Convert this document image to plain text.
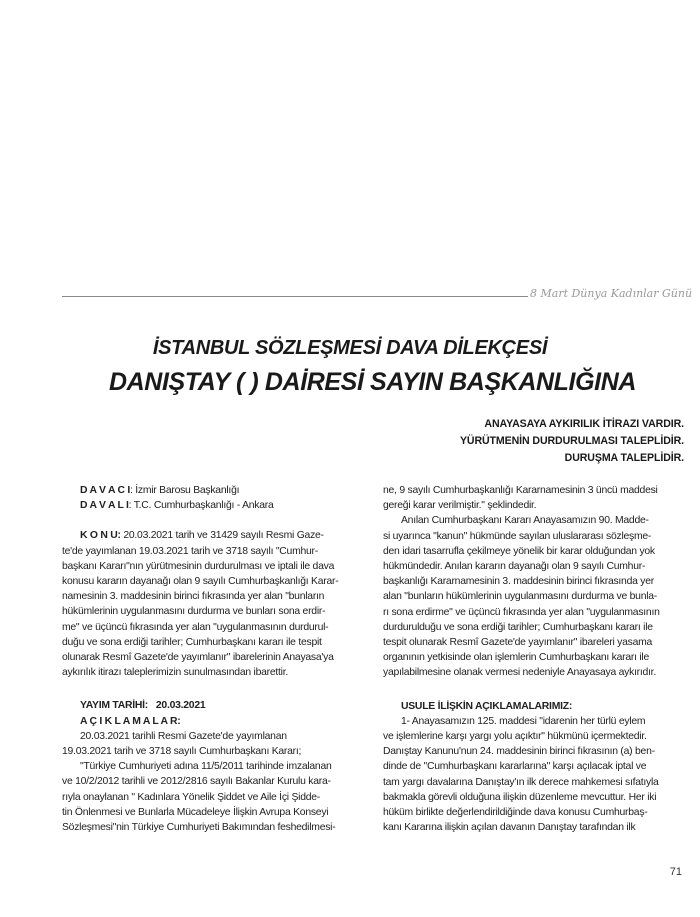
8 Mart Dünya Kadınlar Günü
İSTANBUL SÖZLEŞMESİ DAVA DİLEKÇESİ
DANIŞTAY ( ) DAİRESİ SAYIN BAŞKANLIĞINA
ANAYASAYA AYKIRILIK İTİRAZI VARDIR.
YÜRÜTMENİN DURDURULMASI TALEPLİDİR.
DURUŞMA TALEPLİDİR.
D A V A C I: İzmir Barosu Başkanlığı
D A V A L I: T.C. Cumhurbaşkanlığı - Ankara
K O N U: 20.03.2021 tarih ve 31429 sayılı Resmi Gaze-
te'de yayımlanan 19.03.2021 tarih ve 3718 sayılı "Cumhur-
başkanı Kararı"nın yürütmesinin durdurulması ve iptali ile dava
konusu kararın dayanağı olan 9 sayılı Cumhurbaşkanlığı Karar-
namesinin 3. maddesinin birinci fıkrasında yer alan "bunların
hükümlerinin uygulanmasını durdurma ve bunları sona erdir-
me" ve üçüncü fıkrasında yer alan "uygulanmasının durdurul-
duğu ve sona erdiği tarihler; Cumhurbaşkanı kararı ile tespit
olunarak Resmî Gazete'de yayımlanır" ibarelerinin Anayasa'ya
aykırılık itirazı taleplerimizin sunulmasından ibarettir.
YAYIM TARİHİ: 20.03.2021
A Ç I K L A M A L A R:
20.03.2021 tarihli Resmi Gazete'de yayımlanan
19.03.2021 tarih ve 3718 sayılı Cumhurbaşkanı Kararı;
"Türkiye Cumhuriyeti adına 11/5/2011 tarihinde imzalanan
ve 10/2/2012 tarihli ve 2012/2816 sayılı Bakanlar Kurulu kara-
rıyla onaylanan " Kadınlara Yönelik Şiddet ve Aile İçi Şidde-
tin Önlenmesi ve Bunlarla Mücadeleye İlişkin Avrupa Konseyi
Sözleşmesi"nin Türkiye Cumhuriyeti Bakımından feshedilmesi-
ne, 9 sayılı Cumhurbaşkanlığı Kararnamesinin 3 üncü maddesi
gereği karar verilmiştir." şeklindedir.
Anılan Cumhurbaşkanı Kararı Anayasamızın 90. Madde-
si uyarınca "kanun" hükmünde sayılan uluslararası sözleşme-
den idari tasarrufla çekilmeye yönelik bir karar olduğundan yok
hükmündedir. Anılan kararın dayanağı olan 9 sayılı Cumhur-
başkanlığı Kararnamesinin 3. maddesinin birinci fıkrasında yer
alan "bunların hükümlerinin uygulanmasını durdurma ve bunla-
rı sona erdirme" ve üçüncü fıkrasında yer alan "uygulanmasının
durdurulduğu ve sona erdiği tarihler; Cumhurbaşkanı kararı ile
tespit olunarak Resmî Gazete'de yayımlanır" ibareleri yasama
organının yetkisinde olan işlemlerin Cumhurbaşkanı kararı ile
yapılabilmesine olanak vermesi nedeniyle Anayasaya aykırıdır.
USULE İLİŞKİN AÇIKLAMALARIMIZ:
1- Anayasamızın 125. maddesi "idarenin her türlü eylem
ve işlemlerine karşı yargı yolu açıktır" hükmünü içermektedir.
Danıştay Kanunu'nun 24. maddesinin birinci fıkrasının (a) ben-
dinde de "Cumhurbaşkanı kararlarına" karşı açılacak iptal ve
tam yargı davalarına Danıştay'ın ilk derece mahkemesi sıfatıyla
bakmakla görevli olduğuna ilişkin düzenleme mevcuttur. Her iki
hüküm birlikte değerlendirildiğinde dava konusu Cumhurbaş-
kanı Kararına ilişkin açılan davanın Danıştay tarafından ilk
71
